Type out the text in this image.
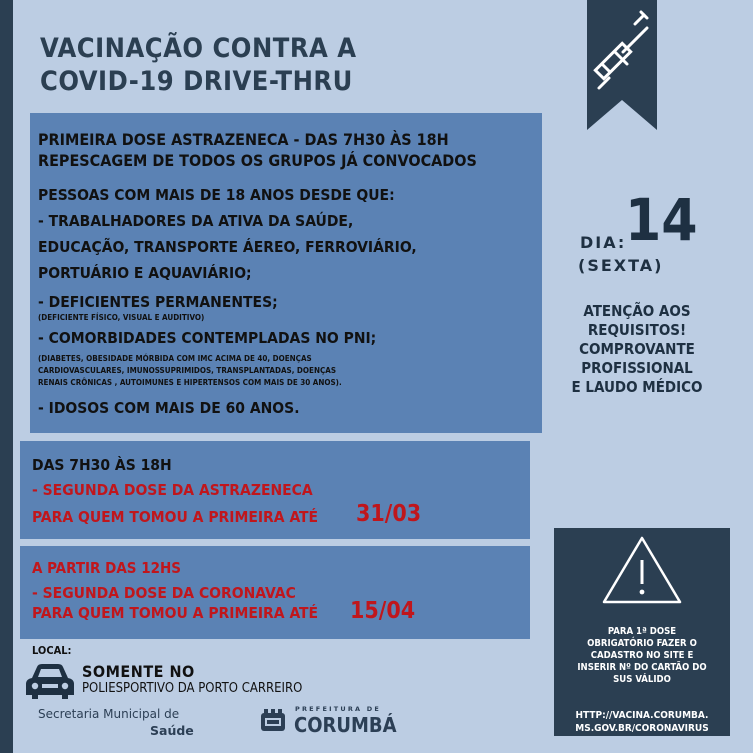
VACINAÇÃO CONTRA A
COVID-19 DRIVE-THRU
PRIMEIRA DOSE ASTRAZENECA - DAS 7H30 ÀS 18H
REPESCAGEM DE TODOS OS GRUPOS JÁ CONVOCADOS
PESSOAS COM MAIS DE 18 ANOS DESDE QUE:
- TRABALHADORES DA ATIVA DA SAÚDE,
EDUCAÇÃO, TRANSPORTE ÁEREO, FERROVIÁRIO,
PORTUÁRIO E AQUAVIÁRIO;
- DEFICIENTES PERMANENTES;
(DEFICIENTE FÍSICO, VISUAL E AUDITIVO)
- COMORBIDADES CONTEMPLADAS NO PNI;
(DIABETES, OBESIDADE MÓRBIDA COM IMC ACIMA DE 40, DOENÇAS
CARDIOVASCULARES, IMUNOSSUPRIMIDOS, TRANSPLANTADAS, DOENÇAS
RENAIS CRÔNICAS , AUTOIMUNES E HIPERTENSOS COM MAIS DE 30 ANOS).
- IDOSOS COM MAIS DE 60 ANOS.
DAS 7H30 ÀS 18H
- SEGUNDA DOSE DA ASTRAZENECA
PARA QUEM TOMOU A PRIMEIRA ATÉ 31/03
A PARTIR DAS 12HS
- SEGUNDA DOSE DA CORONAVAC
PARA QUEM TOMOU A PRIMEIRA ATÉ 15/04
DIA:
14
(SEXTA)
ATENÇÃO AOS
REQUISITOS!
COMPROVANTE
PROFISSIONAL
E LAUDO MÉDICO
PARA 1ª DOSE
OBRIGATÓRIO FAZER O
CADASTRO NO SITE E
INSERIR Nº DO CARTÃO DO
SUS VÁLIDO
HTTP://VACINA.CORUMBA.
MS.GOV.BR/CORONAVIRUS
LOCAL:
SOMENTE NO
POLIESPORTIVO DA PORTO CARREIRO
Secretaria Municipal de
Saúde
PREFEITURA DE
CORUMBÁ
